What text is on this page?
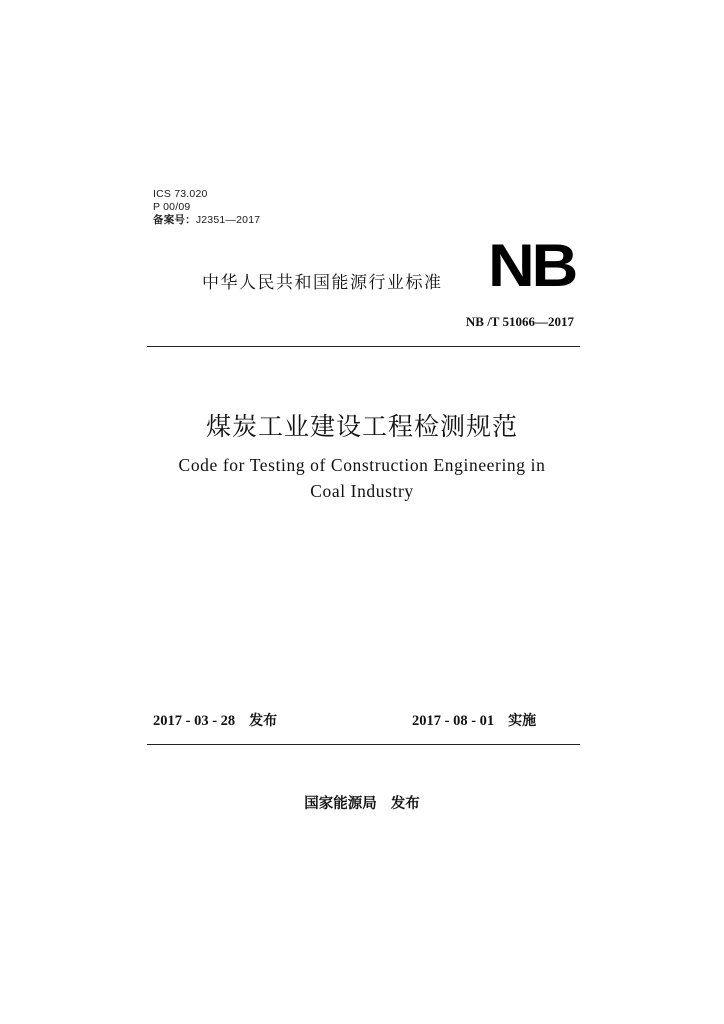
ICS 73.020
P 00/09
备案号：J2351—2017
中华人民共和国能源行业标准 NB
NB /T 51066—2017
煤炭工业建设工程检测规范
Code for Testing of Construction Engineering in
Coal Industry
2017 - 03 - 28 发布	2017 - 08 - 01 实施
国家能源局 发布
